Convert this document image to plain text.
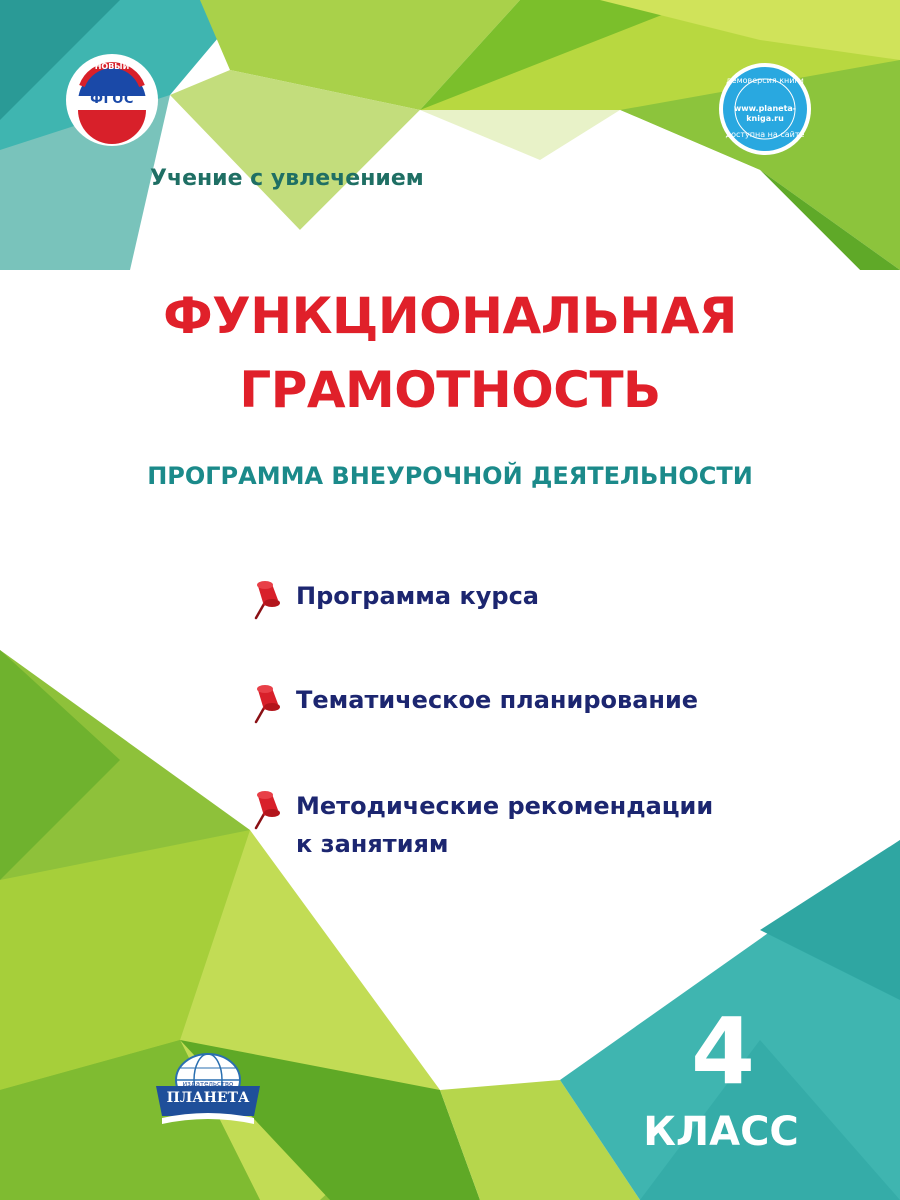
ФГОС
НОВЫЙ
демоверсия книги
www.planeta-kniga.ru
доступна на сайте
Учение с увлечением
ФУНКЦИОНАЛЬНАЯ
ГРАМОТНОСТЬ
ПРОГРАММА ВНЕУРОЧНОЙ ДЕЯТЕЛЬНОСТИ
Программа курса
Тематическое планирование
Методические рекомендации
к занятиям
издательство
ПЛАНЕТА	4
КЛАСС
